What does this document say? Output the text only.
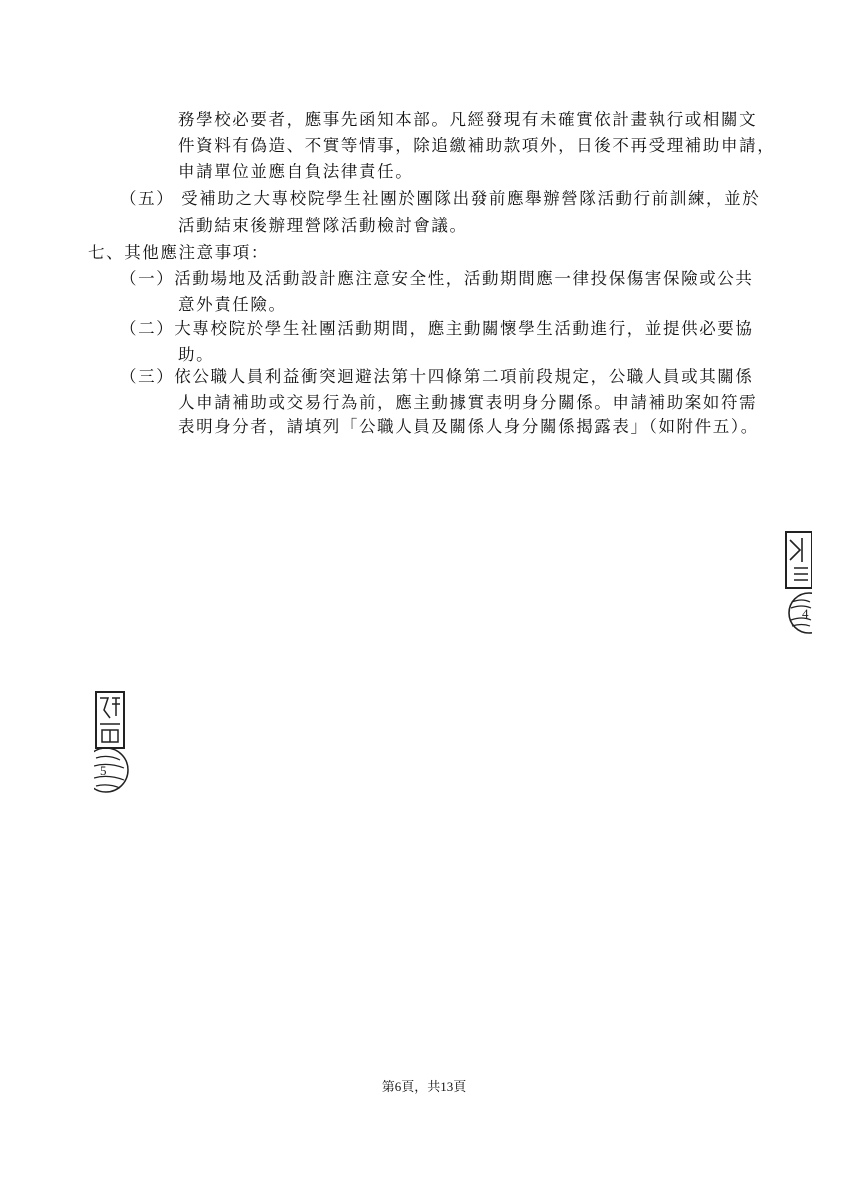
務學校必要者，應事先函知本部。凡經發現有未確實依計畫執行或相關文
件資料有偽造、不實等情事，除追繳補助款項外，日後不再受理補助申請，
申請單位並應自負法律責任。
（五） 受補助之大專校院學生社團於團隊出發前應舉辦營隊活動行前訓練，並於
活動結束後辦理營隊活動檢討會議。
七、其他應注意事項：
（一）活動場地及活動設計應注意安全性，活動期間應一律投保傷害保險或公共
意外責任險。
（二）大專校院於學生社團活動期間，應主動關懷學生活動進行，並提供必要協
助。
（三）依公職人員利益衝突迴避法第十四條第二項前段規定，公職人員或其關係
人申請補助或交易行為前，應主動據實表明身分關係。申請補助案如符需
表明身分者，請填列「公職人員及關係人身分關係揭露表」（如附件五）。
4
5
第6頁，共13頁
